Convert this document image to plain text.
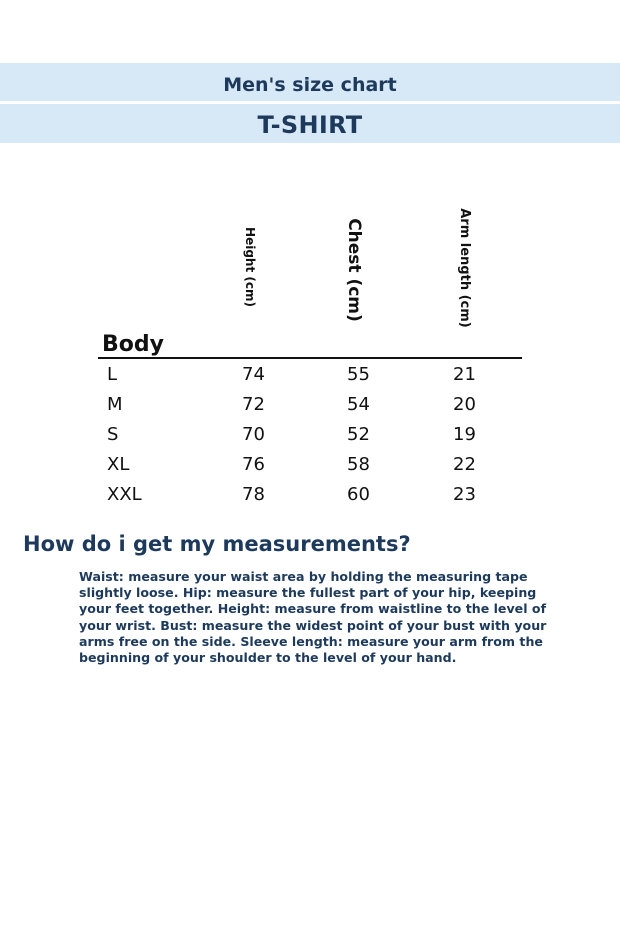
Men's size chart
T-SHIRT
Height (cm)	Chest (cm)	Arm length (cm)
Body
L	74	55	21
M	72	54	20
S	70	52	19
XL	76	58	22
XXL	78	60	23
How do i get my measurements?
Waist: measure your waist area by holding the measuring tape slightly loose. Hip: measure the fullest part of your hip, keeping your feet together. Height: measure from waistline to the level of your wrist. Bust: measure the widest point of your bust with your arms free on the side. Sleeve length: measure your arm from the beginning of your shoulder to the level of your hand.
